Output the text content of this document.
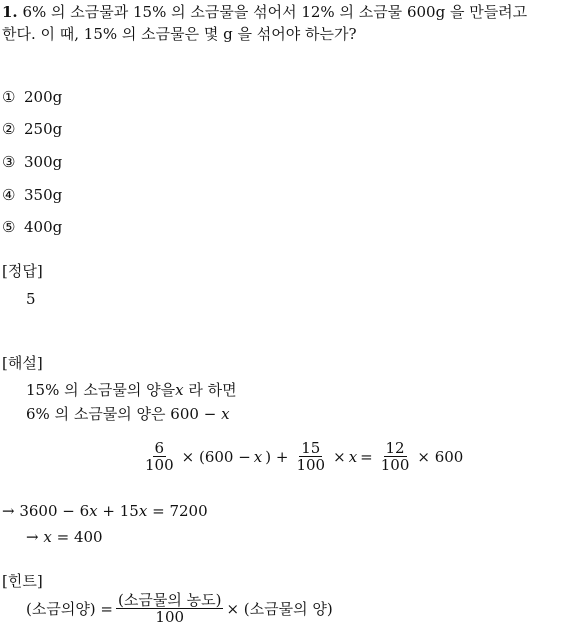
1. 6% 의 소금물과 15% 의 소금물을 섞어서 12% 의 소금물 600g 을 만들려고
한다. 이 때, 15% 의 소금물은 몇 g 을 섞어야 하는가?
① 200g
② 250g
③ 300g
④ 350g
⑤ 400g
[정답]
5
[해설]
15% 의 소금물의 양을x 라 하면
6% 의 소금물의 양은 600 − x
$\frac{6}{100} \times (600 - x$ ) + $\frac{15}{100} \times x = \frac{12}{100} \times 600$
→ 3600 − 6x + 15x = 7200
→ x = 400
[힌트]
(소금의양) = $\frac{\text{(소금물의 농도)}}{100}$ × (소금물의 양)
